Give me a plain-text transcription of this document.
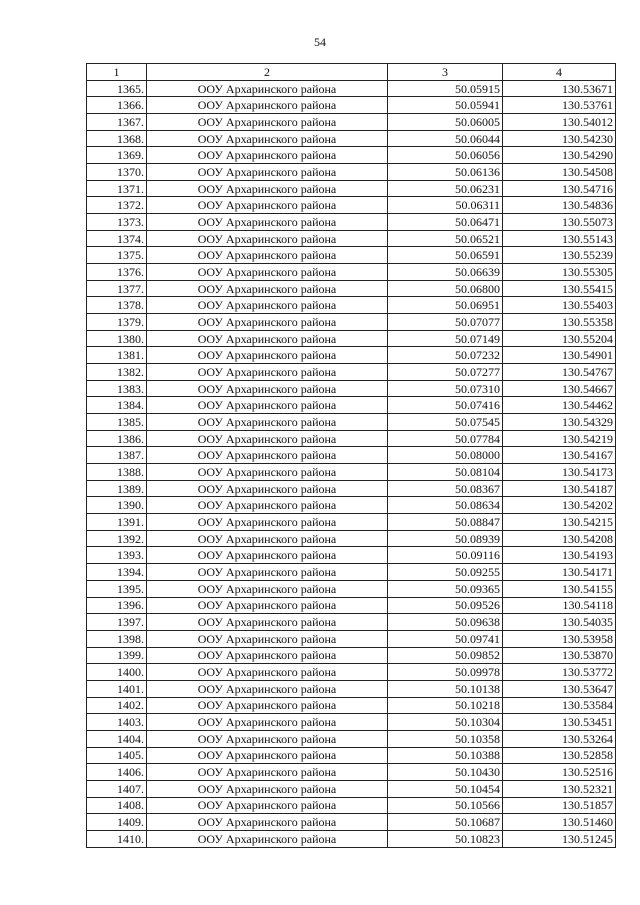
54
1	2	3	4
1365.	ООУ Архаринского района	50.05915	130.53671
1366.	ООУ Архаринского района	50.05941	130.53761
1367.	ООУ Архаринского района	50.06005	130.54012
1368.	ООУ Архаринского района	50.06044	130.54230
1369.	ООУ Архаринского района	50.06056	130.54290
1370.	ООУ Архаринского района	50.06136	130.54508
1371.	ООУ Архаринского района	50.06231	130.54716
1372.	ООУ Архаринского района	50.06311	130.54836
1373.	ООУ Архаринского района	50.06471	130.55073
1374.	ООУ Архаринского района	50.06521	130.55143
1375.	ООУ Архаринского района	50.06591	130.55239
1376.	ООУ Архаринского района	50.06639	130.55305
1377.	ООУ Архаринского района	50.06800	130.55415
1378.	ООУ Архаринского района	50.06951	130.55403
1379.	ООУ Архаринского района	50.07077	130.55358
1380.	ООУ Архаринского района	50.07149	130.55204
1381.	ООУ Архаринского района	50.07232	130.54901
1382.	ООУ Архаринского района	50.07277	130.54767
1383.	ООУ Архаринского района	50.07310	130.54667
1384.	ООУ Архаринского района	50.07416	130.54462
1385.	ООУ Архаринского района	50.07545	130.54329
1386.	ООУ Архаринского района	50.07784	130.54219
1387.	ООУ Архаринского района	50.08000	130.54167
1388.	ООУ Архаринского района	50.08104	130.54173
1389.	ООУ Архаринского района	50.08367	130.54187
1390.	ООУ Архаринского района	50.08634	130.54202
1391.	ООУ Архаринского района	50.08847	130.54215
1392.	ООУ Архаринского района	50.08939	130.54208
1393.	ООУ Архаринского района	50.09116	130.54193
1394.	ООУ Архаринского района	50.09255	130.54171
1395.	ООУ Архаринского района	50.09365	130.54155
1396.	ООУ Архаринского района	50.09526	130.54118
1397.	ООУ Архаринского района	50.09638	130.54035
1398.	ООУ Архаринского района	50.09741	130.53958
1399.	ООУ Архаринского района	50.09852	130.53870
1400.	ООУ Архаринского района	50.09978	130.53772
1401.	ООУ Архаринского района	50.10138	130.53647
1402.	ООУ Архаринского района	50.10218	130.53584
1403.	ООУ Архаринского района	50.10304	130.53451
1404.	ООУ Архаринского района	50.10358	130.53264
1405.	ООУ Архаринского района	50.10388	130.52858
1406.	ООУ Архаринского района	50.10430	130.52516
1407.	ООУ Архаринского района	50.10454	130.52321
1408.	ООУ Архаринского района	50.10566	130.51857
1409.	ООУ Архаринского района	50.10687	130.51460
1410.	ООУ Архаринского района	50.10823	130.51245
